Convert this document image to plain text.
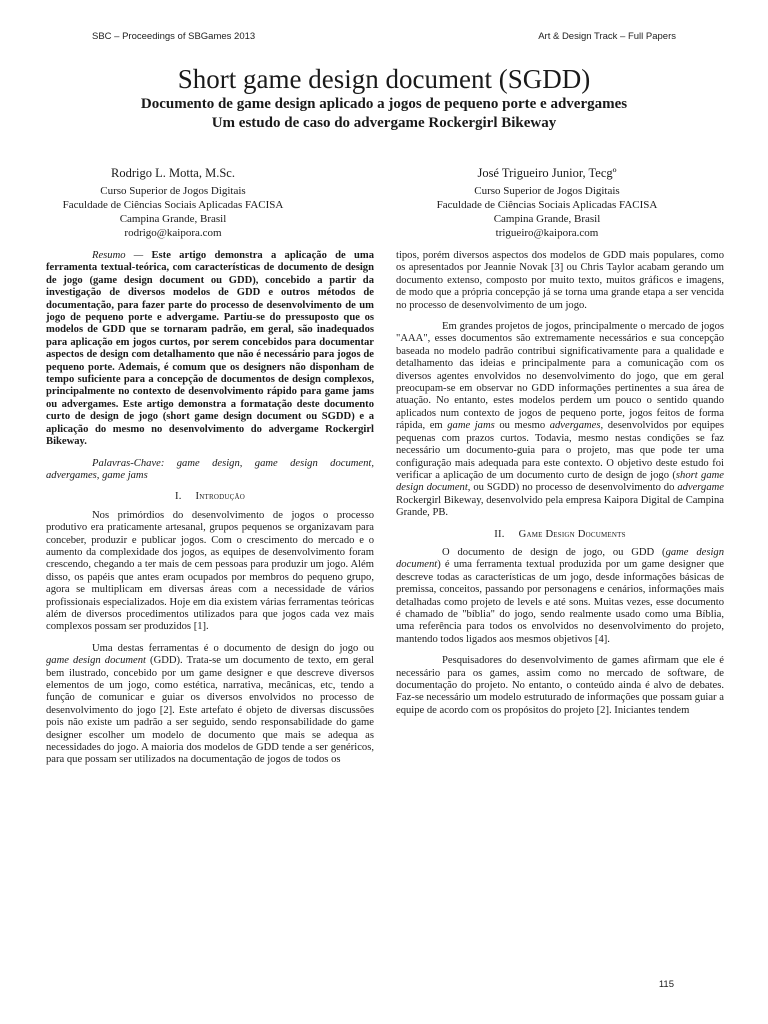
SBC – Proceedings of SBGames 2013	Art & Design Track – Full Papers
Short game design document (SGDD)
Documento de game design aplicado a jogos de pequeno porte e advergames
Um estudo de caso do advergame Rockergirl Bikeway
Rodrigo L. Motta, M.Sc.
Curso Superior de Jogos Digitais
Faculdade de Ciências Sociais Aplicadas FACISA
Campina Grande, Brasil
rodrigo@kaipora.com
José Trigueiro Junior, Tecgº
Curso Superior de Jogos Digitais
Faculdade de Ciências Sociais Aplicadas FACISA
Campina Grande, Brasil
trigueiro@kaipora.com

Resumo — Este artigo demonstra a aplicação de uma ferramenta textual-teórica, com características de documento de design de jogo (game design document ou GDD), concebido a partir da investigação de diversos modelos de GDD e outros métodos de documentação, para fazer parte do processo de desenvolvimento de um jogo de pequeno porte e advergame. Partiu-se do pressuposto que os modelos de GDD que se tornaram padrão, em geral, são inadequados para aplicação em jogos curtos, por serem concebidos para documentar aspectos de design com detalhamento que não é necessário para jogos de pequeno porte. Ademais, é comum que os designers não disponham de tempo suficiente para a concepção de documentos de design complexos, principalmente no contexto de desenvolvimento rápido para game jams ou advergames. Este artigo demonstra a formatação deste documento curto de design de jogo (short game design document ou SGDD) e a aplicação do mesmo no desenvolvimento do advergame Rockergirl Bikeway.

Palavras-Chave: game design, game design document, advergames, game jams

I. Introdução

Nos primórdios do desenvolvimento de jogos o processo produtivo era praticamente artesanal, grupos pequenos se organizavam para conceber, produzir e publicar jogos. Com o crescimento do mercado e o aumento da complexidade dos jogos, as equipes de desenvolvimento foram crescendo, chegando a ter mais de cem pessoas para produzir um jogo. Além disso, os papéis que antes eram ocupados por membros do pequeno grupo, agora se multiplicam em diversas áreas com a necessidade de vários profissionais especializados. Hoje em dia existem várias ferramentas teóricas além de diversos procedimentos utilizados para que jogos cada vez mais complexos possam ser produzidos [1].

Uma destas ferramentas é o documento de design do jogo ou game design document (GDD). Trata-se um documento de texto, em geral bem ilustrado, concebido por um game designer e que descreve diversos elementos de um jogo, como estética, narrativa, mecânicas, etc, tendo a função de comunicar e guiar os diversos envolvidos no processo de desenvolvimento do jogo [2]. Este artefato é objeto de diversas discussões pois não existe um padrão a ser seguido, sendo responsabilidade do game designer escolher um modelo de documento que mais se adequa as necessidades do jogo. A maioria dos modelos de GDD tende a ser genéricos, para que possam ser utilizados na documentação de jogos de todos os

tipos, porém diversos aspectos dos modelos de GDD mais populares, como os apresentados por Jeannie Novak [3] ou Chris Taylor acabam gerando um documento extenso, composto por muito texto, muitos gráficos e imagens, de modo que a própria concepção já se torna uma grande etapa a ser vencida no processo de desenvolvimento de um jogo.

Em grandes projetos de jogos, principalmente o mercado de jogos "AAA", esses documentos são extremamente necessários e sua concepção baseada no modelo padrão contribui significativamente para a qualidade e detalhamento das ideias e principalmente para a comunicação com os diversos agentes envolvidos no desenvolvimento do jogo, que em geral preocupam-se em observar no GDD informações pertinentes a sua área de atuação. No entanto, estes modelos perdem um pouco o sentido quando aplicados num contexto de jogos de pequeno porte, jogos feitos de forma rápida, em game jams ou mesmo advergames, desenvolvidos por equipes pequenas com prazos curtos. Todavia, mesmo nestas condições se faz necessário um documento-guia para o projeto, mas que pode ter uma configuração mais adequada para este contexto. O objetivo deste estudo foi verificar a aplicação de um documento curto de design de jogo (short game design document, ou SGDD) no processo de desenvolvimento do advergame Rockergirl Bikeway, desenvolvido pela empresa Kaipora Digital de Campina Grande, PB.

II. Game Design Documents

O documento de design de jogo, ou GDD (game design document) é uma ferramenta textual produzida por um game designer que descreve todas as características de um jogo, desde informações básicas de premissa, conceitos, passando por personagens e cenários, informações mais detalhadas como projeto de levels e até sons. Muitas vezes, esse documento é chamado de "bíblia" do jogo, sendo realmente usado como uma Bíblia, uma referência para todos os envolvidos no desenvolvimento do projeto, mantendo todos ligados aos mesmos objetivos [4].

Pesquisadores do desenvolvimento de games afirmam que ele é necessário para os games, assim como no mercado de software, de documentação do projeto. No entanto, o conteúdo ainda é alvo de debates. Faz-se necessário um modelo estruturado de informações que possam guiar a equipe de acordo com os propósitos do projeto [2]. Iniciantes tendem

115
